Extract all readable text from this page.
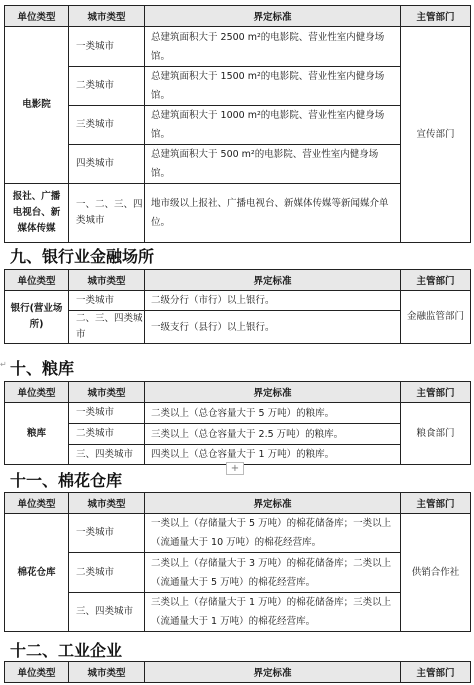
单位类型	城市类型	界定标准	主管部门
电影院	一类城市	总建筑面积大于 2500 m²的电影院、营业性室内健身场馆。	宣传部门
	二类城市	总建筑面积大于 1500 m²的电影院、营业性室内健身场馆。	
	三类城市	总建筑面积大于 1000 m²的电影院、营业性室内健身场馆。	
	四类城市	总建筑面积大于 500 m²的电影院、营业性室内健身场馆。	
报社、广播电视台、新媒体传媒	一、二、三、四类城市	地市级以上报社、广播电视台、新媒体传媒等新闻媒介单位。	
九、银行业金融场所
单位类型	城市类型	界定标准	主管部门
银行(营业场所)	一类城市	二级分行（市行）以上银行。	金融监管部门
	二、三、四类城市	一级支行（县行）以上银行。	
↵ 十、粮库
单位类型	城市类型	界定标准	主管部门
粮库	一类城市	二类以上（总仓容量大于 5 万吨）的粮库。	粮食部门
	二类城市	三类以上（总仓容量大于 2.5 万吨）的粮库。	
	三、四类城市	四类以上（总仓容量大于 1 万吨）的粮库。	
+
十一、棉花仓库
单位类型	城市类型	界定标准	主管部门
棉花仓库	一类城市	一类以上（存储量大于 5 万吨）的棉花储备库；一类以上（流通量大于 10 万吨）的棉花经营库。	供销合作社
	二类城市	二类以上（存储量大于 3 万吨）的棉花储备库；二类以上（流通量大于 5 万吨）的棉花经营库。	
	三、四类城市	三类以上（存储量大于 1 万吨）的棉花储备库；三类以上（流通量大于 1 万吨）的棉花经营库。	
十二、工业企业
单位类型	城市类型	界定标准	主管部门
